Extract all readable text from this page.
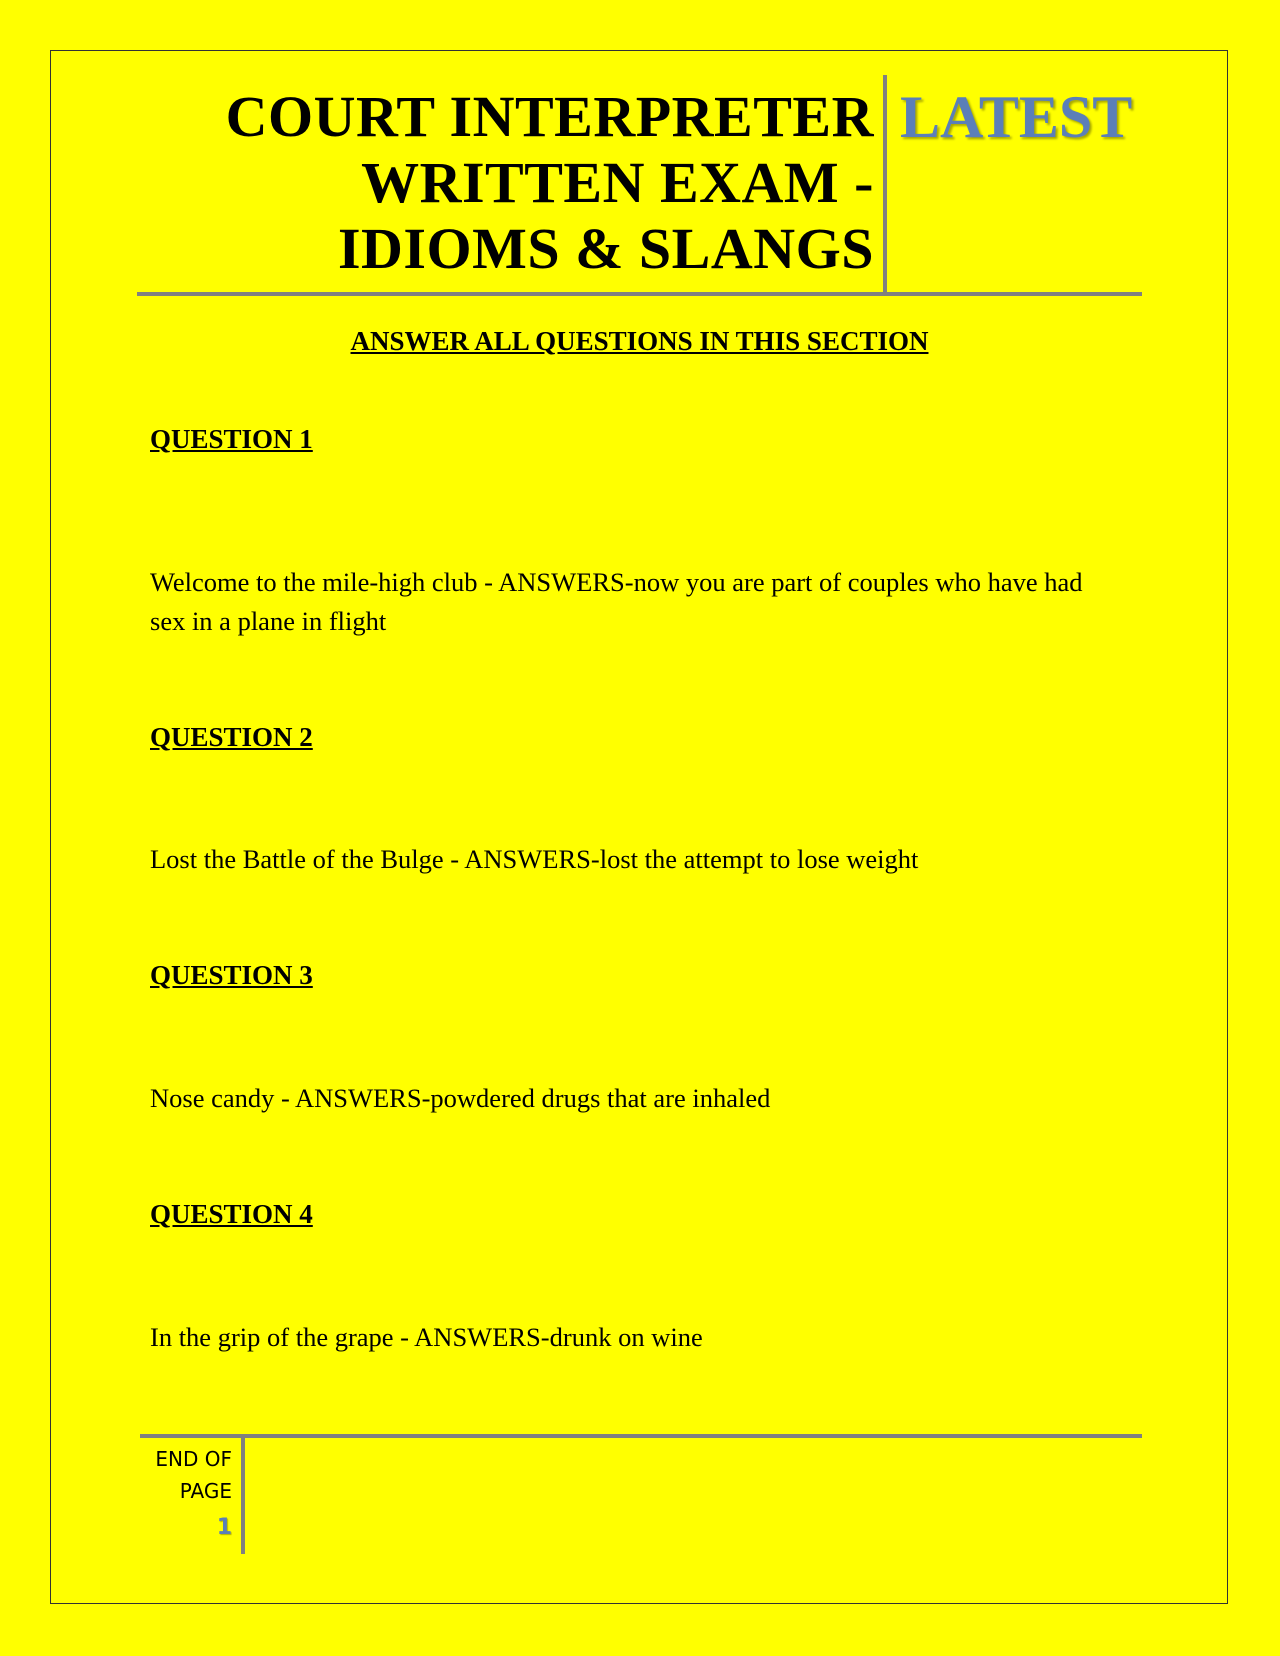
COURT INTERPRETER
WRITTEN EXAM -
IDIOMS & SLANGS
LATEST
ANSWER ALL QUESTIONS IN THIS SECTION
QUESTION 1
Welcome to the mile-high club - ANSWERS-now you are part of couples who have had sex in a plane in flight
QUESTION 2
Lost the Battle of the Bulge - ANSWERS-lost the attempt to lose weight
QUESTION 3
Nose candy - ANSWERS-powdered drugs that are inhaled
QUESTION 4
In the grip of the grape - ANSWERS-drunk on wine
END OF
PAGE
1
